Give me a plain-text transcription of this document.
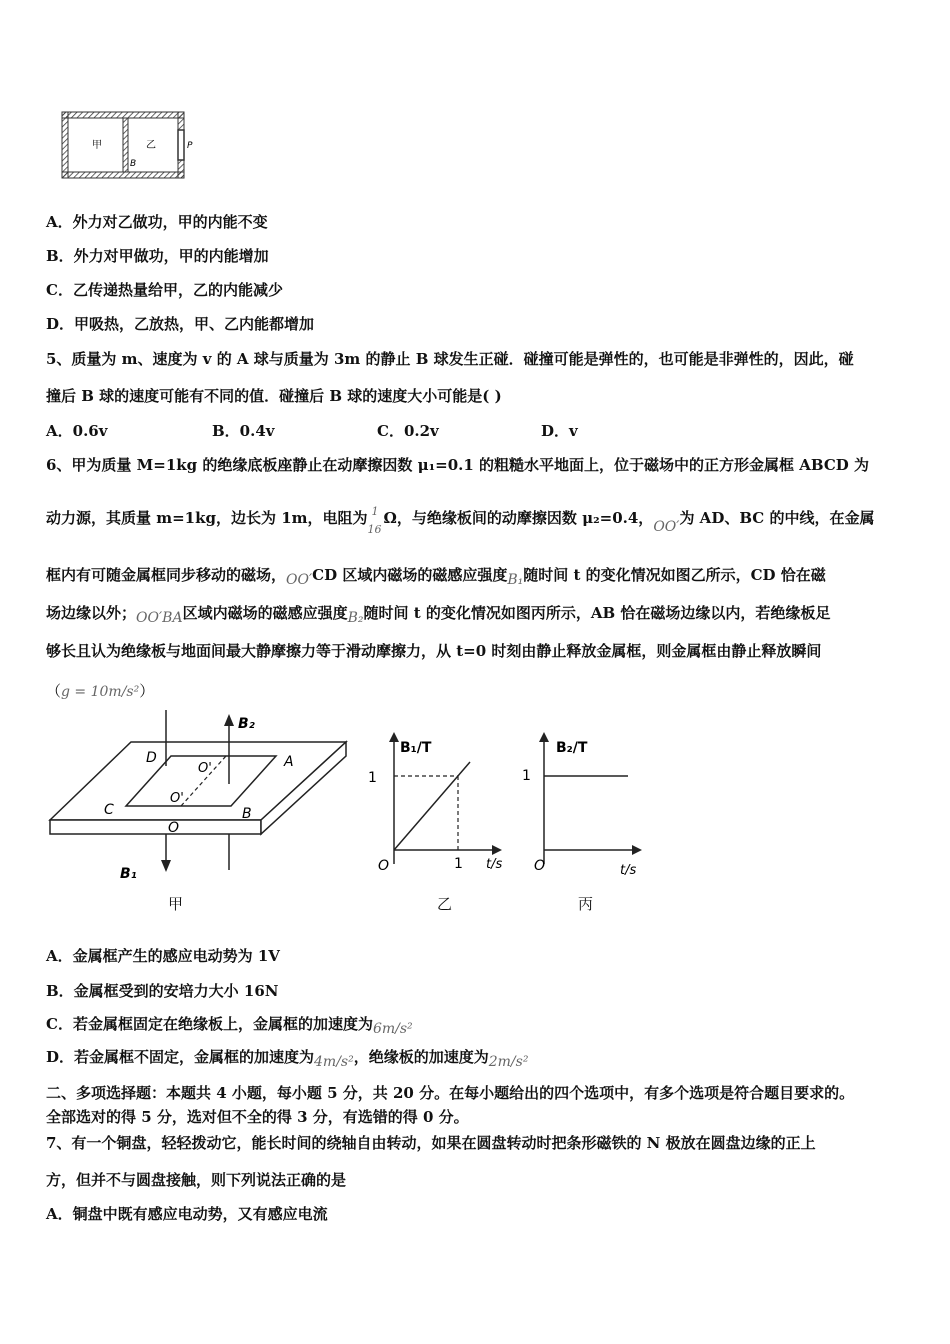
甲	乙
B
P
A．外力对乙做功，甲的内能不变
B．外力对甲做功，甲的内能增加
C．乙传递热量给甲，乙的内能减少
D．甲吸热，乙放热，甲、乙内能都增加
5、质量为 m、速度为 v 的 A 球与质量为 3m 的静止 B 球发生正碰．碰撞可能是弹性的，也可能是非弹性的，因此，碰
撞后 B 球的速度可能有不同的值．碰撞后 B 球的速度大小可能是( )
A．0.6v	B．0.4v	C．0.2v	D．v
6、甲为质量 M=1kg 的绝缘底板座静止在动摩擦因数 μ₁=0.1 的粗糙水平地面上，位于磁场中的正方形金属框 ABCD 为
动力源，其质量 m=1kg，边长为 1m，电阻为 1
16
Ω，与绝缘板间的动摩擦因数 μ₂=0.4，OO′为 AD、BC 的中线，在金属
框内有可随金属框同步移动的磁场，OO′CD 区域内磁场的磁感应强度B₁随时间 t 的变化情况如图乙所示，CD 恰在磁
场边缘以外；OO′BA区域内磁场的磁感应强度B₂随时间 t 的变化情况如图丙所示，AB 恰在磁场边缘以内，若绝缘板足
够长且认为绝缘板与地面间最大静摩擦力等于滑动摩擦力，从 t=0 时刻由静止释放金属框，则金属框由静止释放瞬间
（g = 10m/s²）
B₂
B₁
D	A
C	B
O
O'
O'
甲
B₁/T
1
1 t/s
O
乙
B₂/T
1
t/s
O
丙
A．金属框产生的感应电动势为 1V
B．金属框受到的安培力大小 16N
C．若金属框固定在绝缘板上，金属框的加速度为6m/s²
D．若金属框不固定，金属框的加速度为4m/s²，绝缘板的加速度为2m/s²
二、多项选择题：本题共 4 小题，每小题 5 分，共 20 分。在每小题给出的四个选项中，有多个选项是符合题目要求的。
全部选对的得 5 分，选对但不全的得 3 分，有选错的得 0 分。
7、有一个铜盘，轻轻拨动它，能长时间的绕轴自由转动，如果在圆盘转动时把条形磁铁的 N 极放在圆盘边缘的正上
方，但并不与圆盘接触，则下列说法正确的是
A．铜盘中既有感应电动势，又有感应电流
